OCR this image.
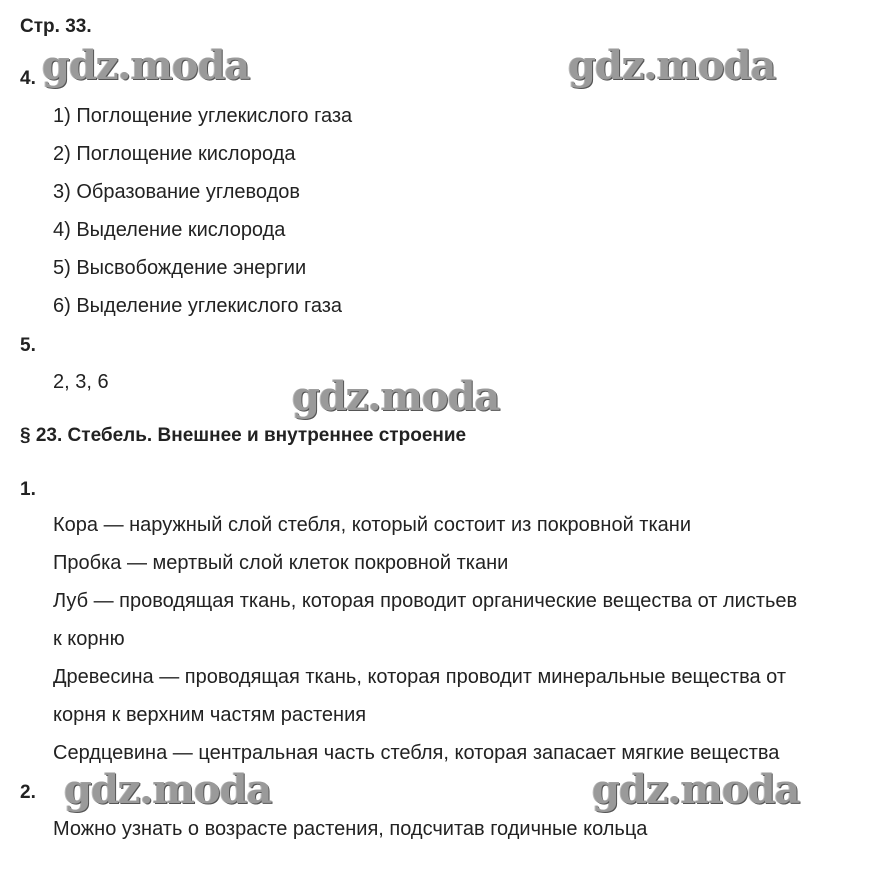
Стр. 33.
4.
1) Поглощение углекислого газа
2) Поглощение кислорода
3) Образование углеводов
4) Выделение кислорода
5) Высвобождение энергии
6) Выделение углекислого газа
5.
2, 3, 6
§ 23. Стебель. Внешнее и внутреннее строение
1.
Кора — наружный слой стебля, который состоит из покровной ткани
Пробка — мертвый слой клеток покровной ткани
Луб — проводящая ткань, которая проводит органические вещества от листьев
к корню
Древесина — проводящая ткань, которая проводит минеральные вещества от
корня к верхним частям растения
Сердцевина — центральная часть стебля, которая запасает мягкие вещества
2.
Можно узнать о возрасте растения, подсчитав годичные кольца
gdz.moda	gdz.moda
gdz.moda
gdz.moda	gdz.moda
